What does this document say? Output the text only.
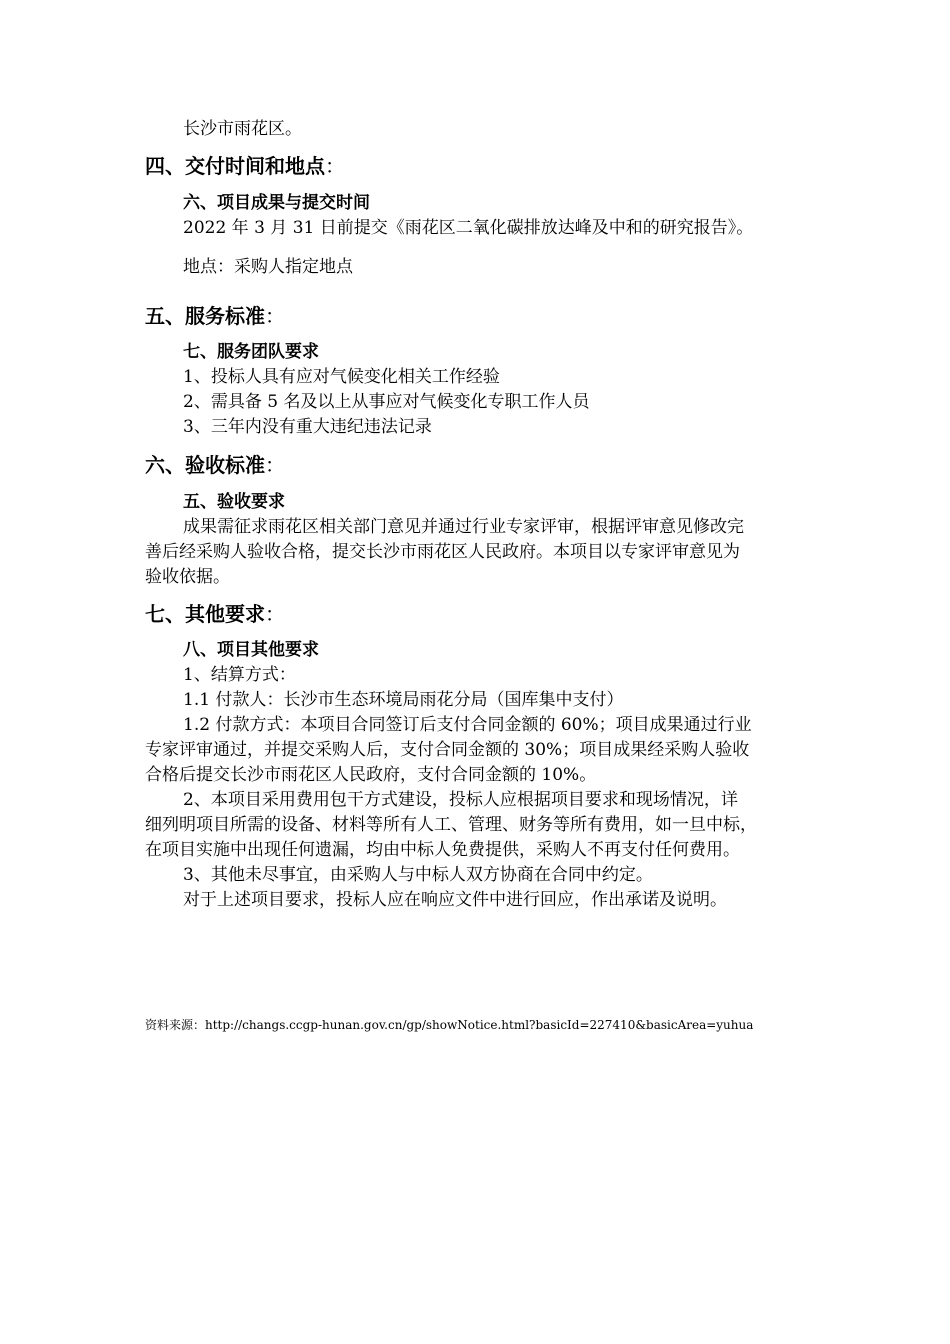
长沙市雨花区。
四、交付时间和地点：
六、项目成果与提交时间
2022 年 3 月 31 日前提交《雨花区二氧化碳排放达峰及中和的研究报告》。
地点：采购人指定地点
五、服务标准：
七、服务团队要求
1、投标人具有应对气候变化相关工作经验
2、需具备 5 名及以上从事应对气候变化专职工作人员
3、三年内没有重大违纪违法记录
六、验收标准：
五、验收要求
成果需征求雨花区相关部门意见并通过行业专家评审，根据评审意见修改完
善后经采购人验收合格，提交长沙市雨花区人民政府。本项目以专家评审意见为
验收依据。
七、其他要求：
八、项目其他要求
1、结算方式：
1.1 付款人：长沙市生态环境局雨花分局（国库集中支付）
1.2 付款方式：本项目合同签订后支付合同金额的 60%；项目成果通过行业
专家评审通过，并提交采购人后，支付合同金额的 30%；项目成果经采购人验收
合格后提交长沙市雨花区人民政府，支付合同金额的 10%。
2、本项目采用费用包干方式建设，投标人应根据项目要求和现场情况，详
细列明项目所需的设备、材料等所有人工、管理、财务等所有费用，如一旦中标，
在项目实施中出现任何遗漏，均由中标人免费提供，采购人不再支付任何费用。
3、其他未尽事宜，由采购人与中标人双方协商在合同中约定。
对于上述项目要求，投标人应在响应文件中进行回应，作出承诺及说明。
资料来源：http://changs.ccgp-hunan.gov.cn/gp/showNotice.html?basicId=227410&basicArea=yuhua
